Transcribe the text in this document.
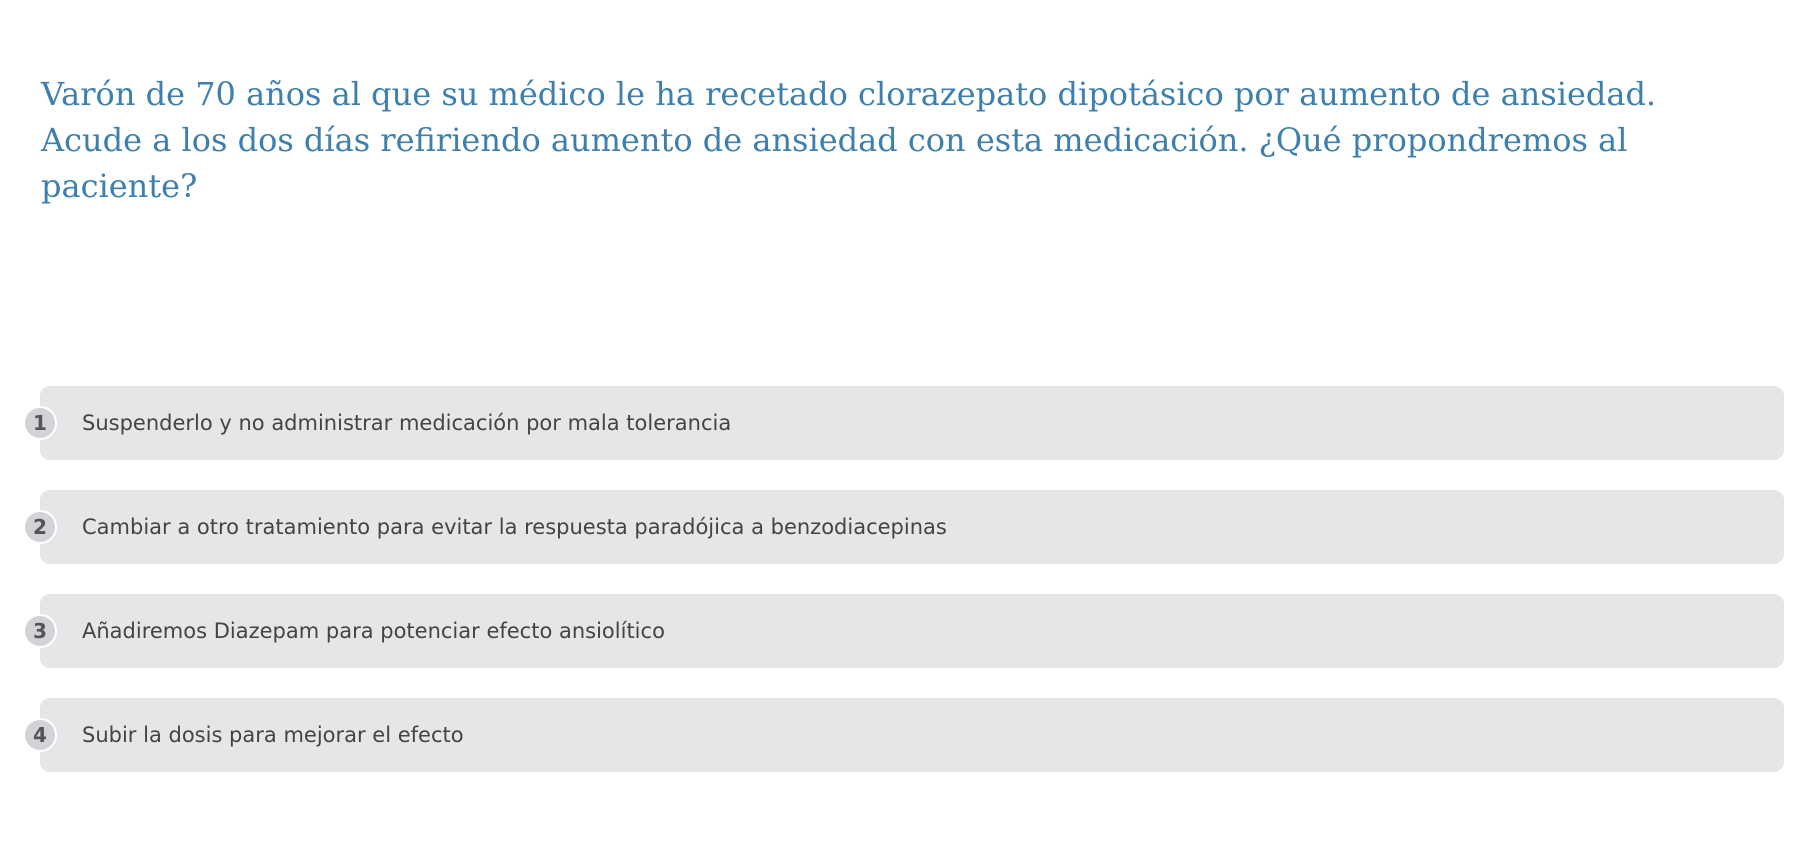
Varón de 70 años al que su médico le ha recetado clorazepato dipotásico por aumento de ansiedad. Acude a los dos días refiriendo aumento de ansiedad con esta medicación. ¿Qué propondremos al paciente?
1	Suspenderlo y no administrar medicación por mala tolerancia
2	Cambiar a otro tratamiento para evitar la respuesta paradójica a benzodiacepinas
3	Añadiremos Diazepam para potenciar efecto ansiolítico
4	Subir la dosis para mejorar el efecto
